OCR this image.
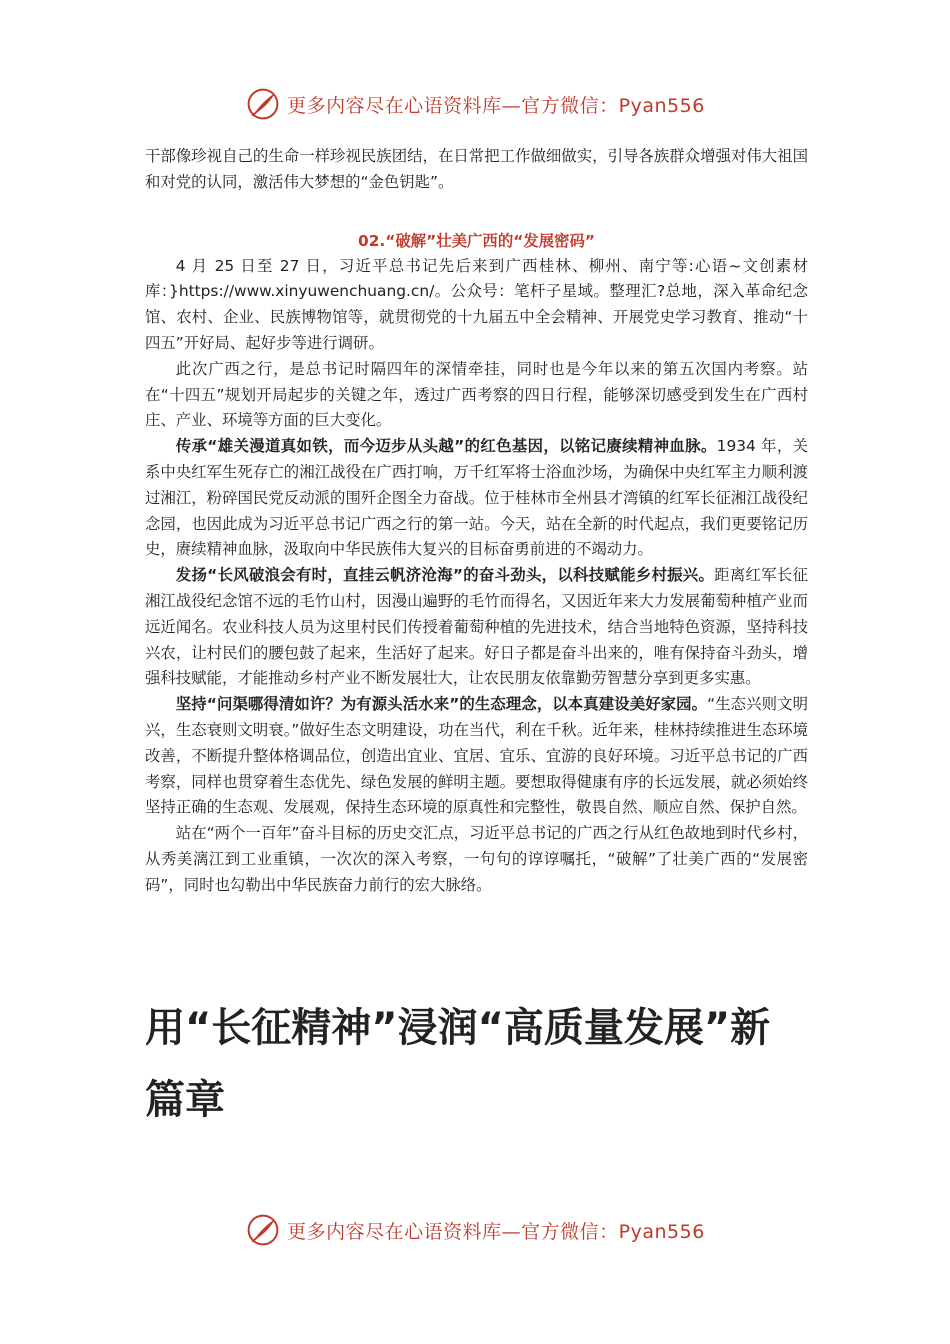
更多内容尽在心语资料库—官方微信：Pyan556

干部像珍视自己的生命一样珍视民族团结，在日常把工作做细做实，引导各族群众增强对伟大祖国和对党的认同，激活伟大梦想的“金色钥匙”。

02.“破解”壮美广西的“发展密码”

4 月 25 日至 27 日，习近平总书记先后来到广西桂林、柳州、南宁等:心语~文创素材库：}https://www.xinyuwenchuang.cn/。公众号：笔杆子星域。整理汇?总地，深入革命纪念馆、农村、企业、民族博物馆等，就贯彻党的十九届五中全会精神、开展党史学习教育、推动“十四五”开好局、起好步等进行调研。

此次广西之行，是总书记时隔四年的深情牵挂，同时也是今年以来的第五次国内考察。站在“十四五”规划开局起步的关键之年，透过广西考察的四日行程，能够深切感受到发生在广西村庄、产业、环境等方面的巨大变化。

传承“雄关漫道真如铁，而今迈步从头越”的红色基因，以铭记赓续精神血脉。1934 年，关系中央红军生死存亡的湘江战役在广西打响，万千红军将士浴血沙场，为确保中央红军主力顺利渡过湘江，粉碎国民党反动派的围歼企图全力奋战。位于桂林市全州县才湾镇的红军长征湘江战役纪念园，也因此成为习近平总书记广西之行的第一站。今天，站在全新的时代起点，我们更要铭记历史，赓续精神血脉，汲取向中华民族伟大复兴的目标奋勇前进的不竭动力。

发扬“长风破浪会有时，直挂云帆济沧海”的奋斗劲头，以科技赋能乡村振兴。距离红军长征湘江战役纪念馆不远的毛竹山村，因漫山遍野的毛竹而得名，又因近年来大力发展葡萄种植产业而远近闻名。农业科技人员为这里村民们传授着葡萄种植的先进技术，结合当地特色资源，坚持科技兴农，让村民们的腰包鼓了起来，生活好了起来。好日子都是奋斗出来的，唯有保持奋斗劲头，增强科技赋能，才能推动乡村产业不断发展壮大，让农民朋友依靠勤劳智慧分享到更多实惠。

坚持“问渠哪得清如许？为有源头活水来”的生态理念，以本真建设美好家园。“生态兴则文明兴，生态衰则文明衰。”做好生态文明建设，功在当代，利在千秋。近年来，桂林持续推进生态环境改善，不断提升整体格调品位，创造出宜业、宜居、宜乐、宜游的良好环境。习近平总书记的广西考察，同样也贯穿着生态优先、绿色发展的鲜明主题。要想取得健康有序的长远发展，就必须始终坚持正确的生态观、发展观，保持生态环境的原真性和完整性，敬畏自然、顺应自然、保护自然。

站在“两个一百年”奋斗目标的历史交汇点，习近平总书记的广西之行从红色故地到时代乡村，从秀美漓江到工业重镇，一次次的深入考察，一句句的谆谆嘱托，“破解”了壮美广西的“发展密码”，同时也勾勒出中华民族奋力前行的宏大脉络。

用“长征精神”浸润“高质量发展”新篇章
更多内容尽在心语资料库—官方微信：Pyan556
